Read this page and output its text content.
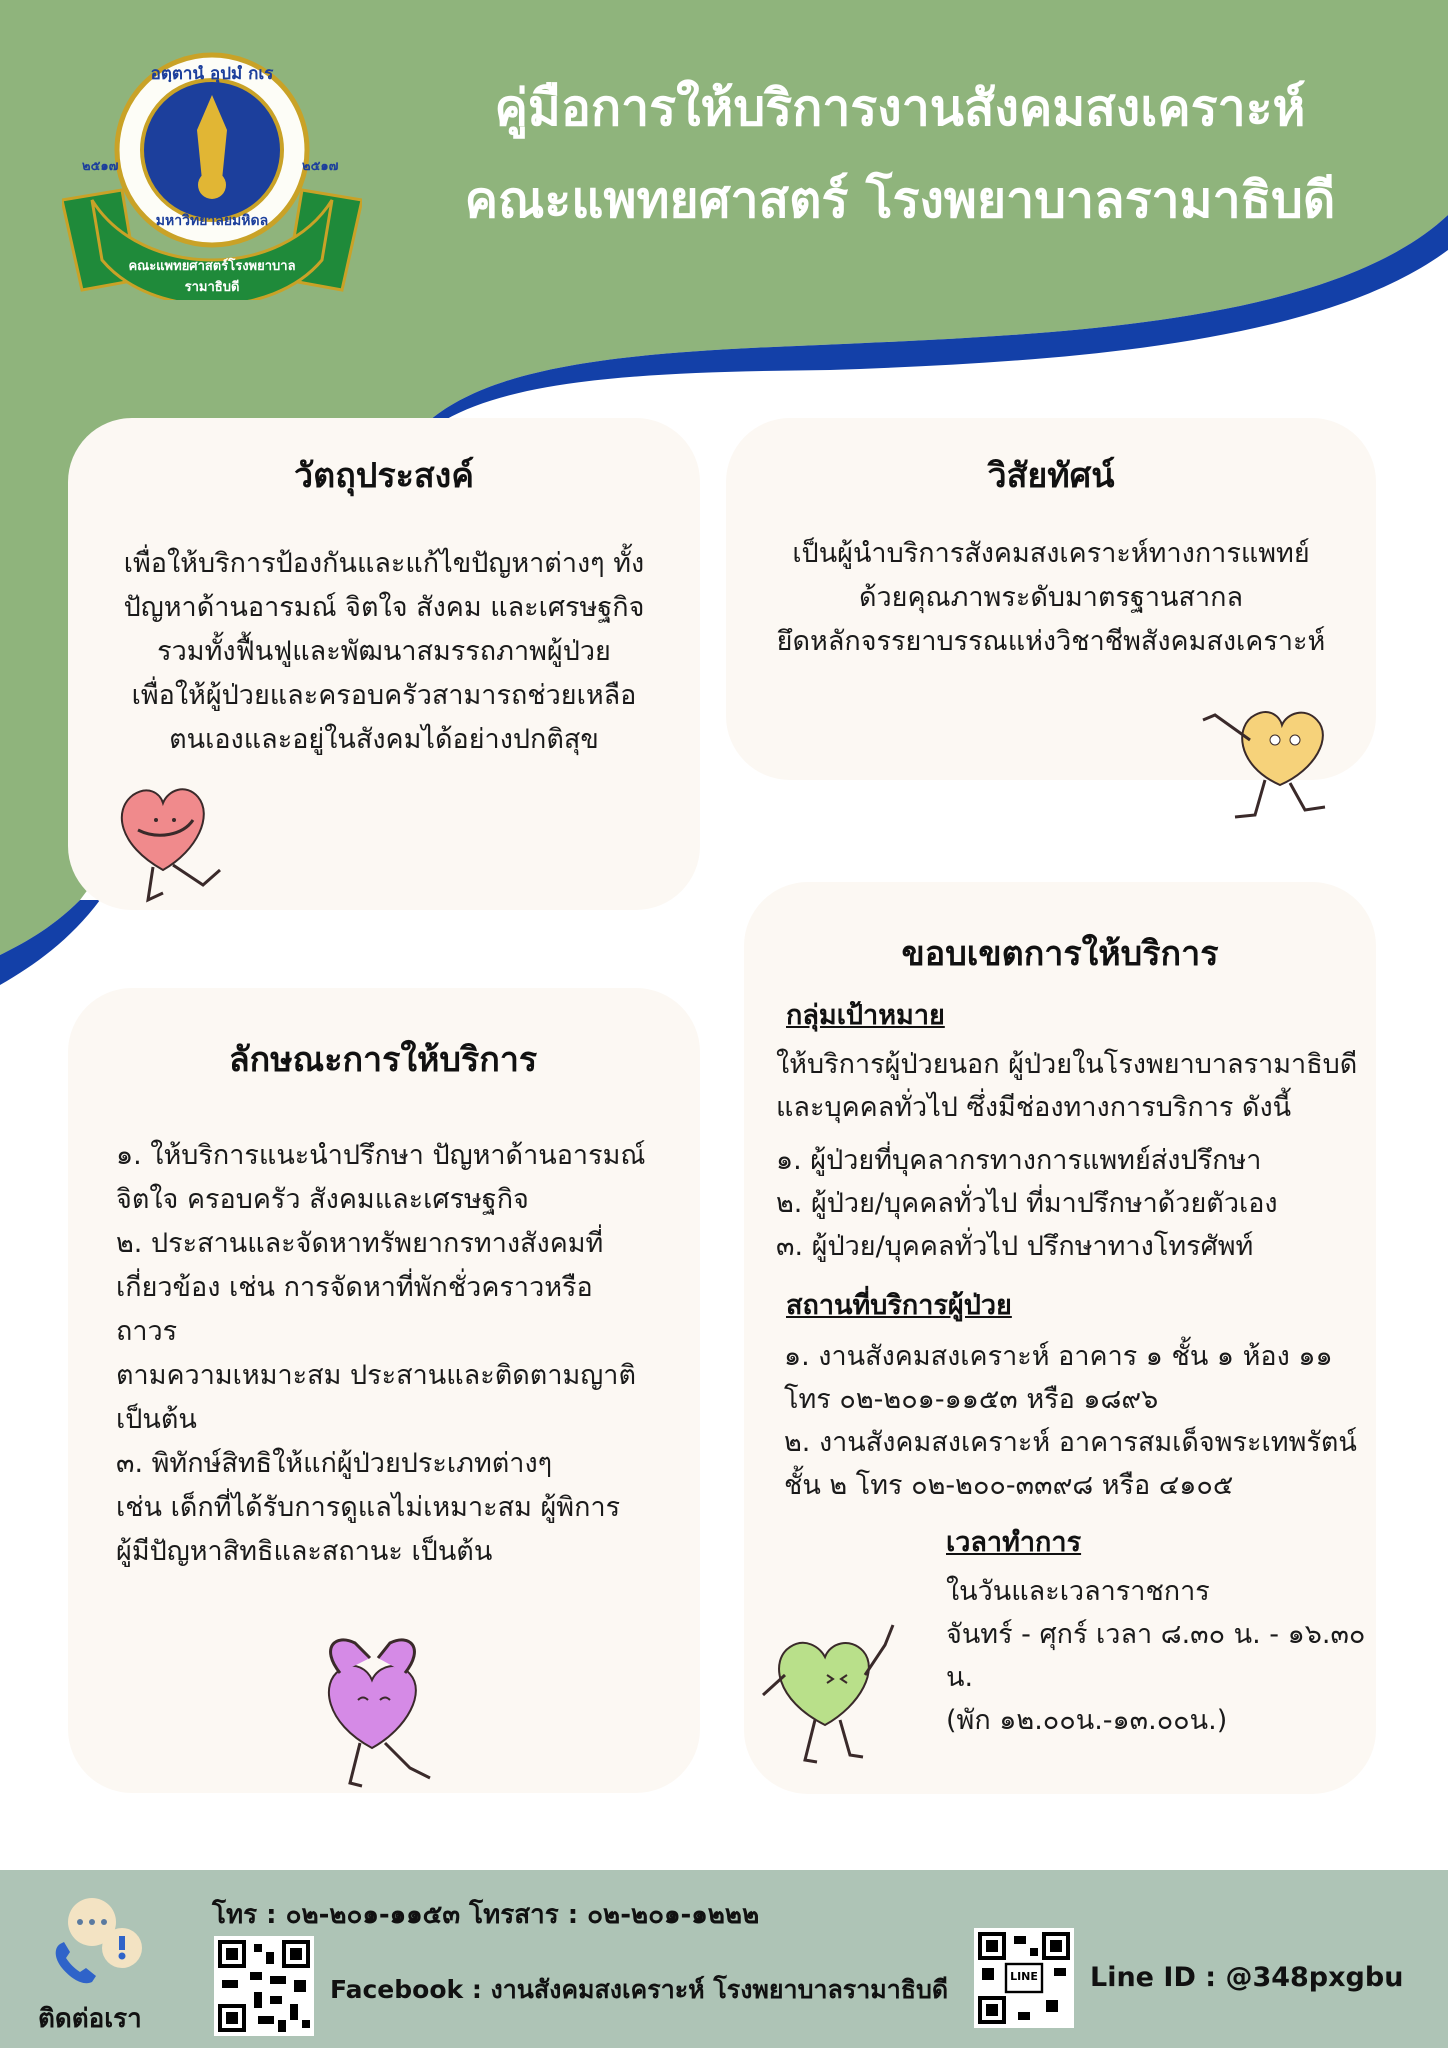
อตฺตานํ อุปมํ กเร
๒๕๑๗	๒๕๑๗
มหาวิทยาลัยมหิดล
คณะแพทยศาสตร์โรงพยาบาลรามาธิบดี
คู่มือการให้บริการงานสังคมสงเคราะห์
คณะแพทยศาสตร์ โรงพยาบาลรามาธิบดี
วัตถุประสงค์
เพื่อให้บริการป้องกันและแก้ไขปัญหาต่างๆ ทั้ง
ปัญหาด้านอารมณ์ จิตใจ สังคม และเศรษฐกิจ
รวมทั้งฟื้นฟูและพัฒนาสมรรถภาพผู้ป่วย
เพื่อให้ผู้ป่วยและครอบครัวสามารถช่วยเหลือ
ตนเองและอยู่ในสังคมได้อย่างปกติสุข
วิสัยทัศน์
เป็นผู้นำบริการสังคมสงเคราะห์ทางการแพทย์
ด้วยคุณภาพระดับมาตรฐานสากล
ยึดหลักจรรยาบรรณแห่งวิชาชีพสังคมสงเคราะห์
ลักษณะการให้บริการ
๑. ให้บริการแนะนำปรึกษา ปัญหาด้านอารมณ์
จิตใจ ครอบครัว สังคมและเศรษฐกิจ
๒. ประสานและจัดหาทรัพยากรทางสังคมที่
เกี่ยวข้อง เช่น การจัดหาที่พักชั่วคราวหรือถาวร
ตามความเหมาะสม ประสานและติดตามญาติ
เป็นต้น
๓. พิทักษ์สิทธิให้แก่ผู้ป่วยประเภทต่างๆ
เช่น เด็กที่ได้รับการดูแลไม่เหมาะสม ผู้พิการ
ผู้มีปัญหาสิทธิและสถานะ เป็นต้น
ขอบเขตการให้บริการ
กลุ่มเป้าหมาย
ให้บริการผู้ป่วยนอก ผู้ป่วยในโรงพยาบาลรามาธิบดี
และบุคคลทั่วไป ซึ่งมีช่องทางการบริการ ดังนี้
๑. ผู้ป่วยที่บุคลากรทางการแพทย์ส่งปรึกษา
๒. ผู้ป่วย/บุคคลทั่วไป ที่มาปรึกษาด้วยตัวเอง
๓. ผู้ป่วย/บุคคลทั่วไป ปรึกษาทางโทรศัพท์
สถานที่บริการผู้ป่วย
๑. งานสังคมสงเคราะห์ อาคาร ๑ ชั้น ๑ ห้อง ๑๑
โทร ๐๒-๒๐๑-๑๑๕๓ หรือ ๑๘๙๖
๒. งานสังคมสงเคราะห์ อาคารสมเด็จพระเทพรัตน์
ชั้น ๒ โทร ๐๒-๒๐๐-๓๓๙๘ หรือ ๔๑๐๕
เวลาทำการ
ในวันและเวลาราชการ
จันทร์ - ศุกร์ เวลา ๘.๓๐ น. - ๑๖.๓๐ น.
(พัก ๑๒.๐๐น.-๑๓.๐๐น.)
ติดต่อเรา
โทร : ๐๒-๒๐๑-๑๑๕๓ โทรสาร : ๐๒-๒๐๑-๑๒๒๒
Facebook : งานสังคมสงเคราะห์ โรงพยาบาลรามาธิบดี	LINE Line ID : @348pxgbu
